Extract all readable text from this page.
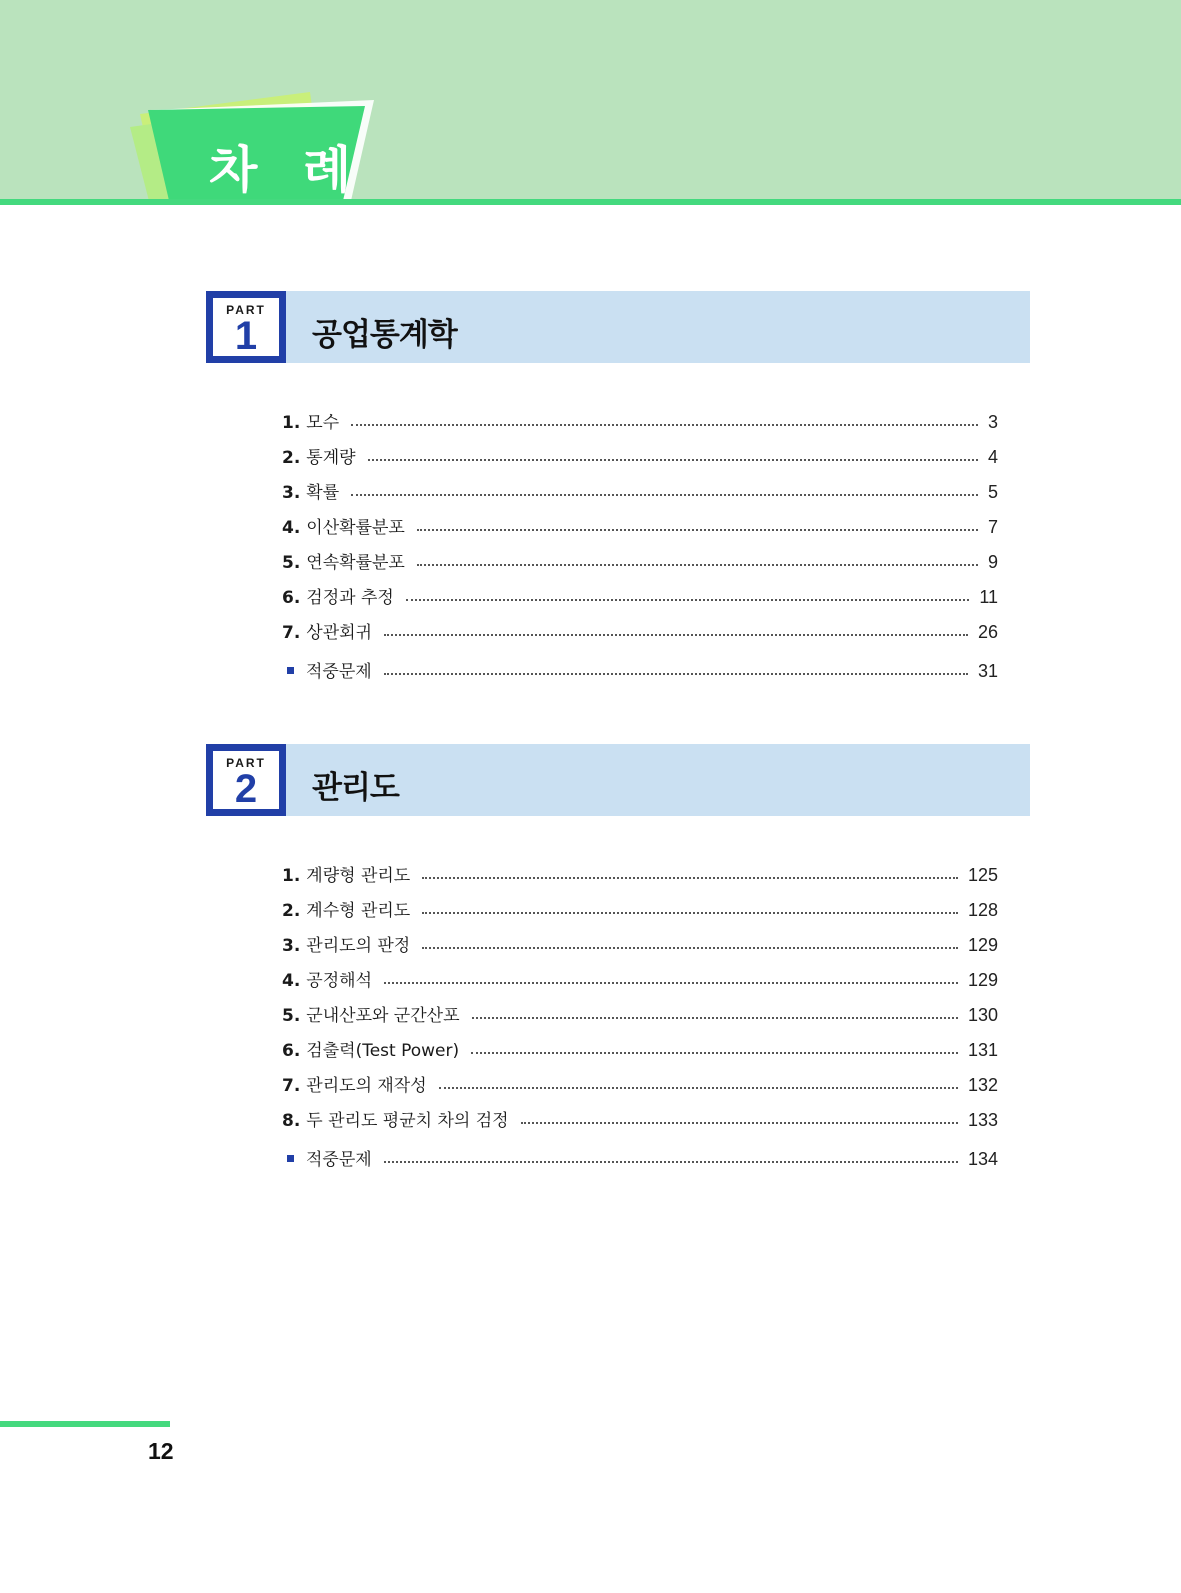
차 례
PART
1	공업통계학
1. 모수	3
2. 통계량	4
3. 확률	5
4. 이산확률분포	7
5. 연속확률분포	9
6. 검정과 추정	11
7. 상관회귀	26
적중문제	31
PART
2	관리도
1. 계량형 관리도	125
2. 계수형 관리도	128
3. 관리도의 판정	129
4. 공정해석	129
5. 군내산포와 군간산포	130
6. 검출력(Test Power)	131
7. 관리도의 재작성	132
8. 두 관리도 평균치 차의 검정	133
적중문제	134
12
